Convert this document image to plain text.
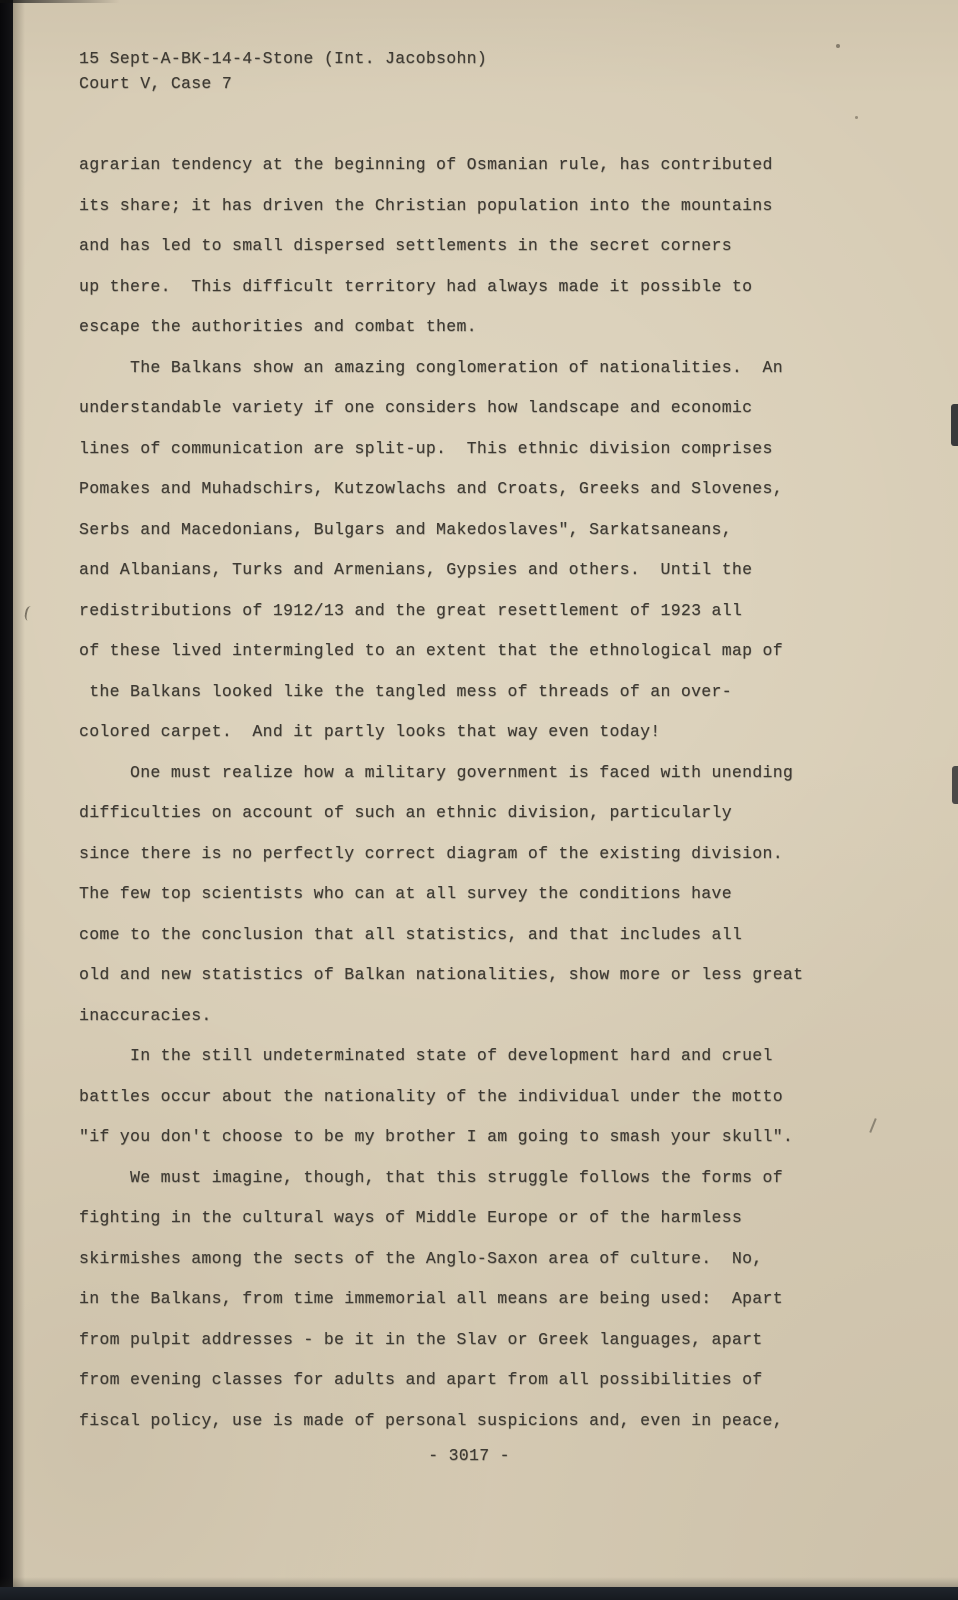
15 Sept-A-BK-14-4-Stone (Int. Jacobsohn)
Court V, Case 7
agrarian tendency at the beginning of Osmanian rule, has contributed
its share; it has driven the Christian population into the mountains
and has led to small dispersed settlements in the secret corners
up there.  This difficult territory had always made it possible to
escape the authorities and combat them.
The Balkans show an amazing conglomeration of nationalities.  An
understandable variety if one considers how landscape and economic
lines of communication are split-up.  This ethnic division comprises
Pomakes and Muhadschirs, Kutzowlachs and Croats, Greeks and Slovenes,
Serbs and Macedonians, Bulgars and Makedoslaves", Sarkatsaneans,
and Albanians, Turks and Armenians, Gypsies and others.  Until the
redistributions of 1912/13 and the great resettlement of 1923 all
of these lived intermingled to an extent that the ethnological map of
the Balkans looked like the tangled mess of threads of an over-
colored carpet.  And it partly looks that way even today!
One must realize how a military government is faced with unending
difficulties on account of such an ethnic division, particularly
since there is no perfectly correct diagram of the existing division.
The few top scientists who can at all survey the conditions have
come to the conclusion that all statistics, and that includes all
old and new statistics of Balkan nationalities, show more or less great
inaccuracies.
In the still undeterminated state of development hard and cruel
battles occur about the nationality of the individual under the motto
"if you don't choose to be my brother I am going to smash your skull".
We must imagine, though, that this struggle follows the forms of
fighting in the cultural ways of Middle Europe or of the harmless
skirmishes among the sects of the Anglo-Saxon area of culture.  No,
in the Balkans, from time immemorial all means are being used:  Apart
from pulpit addresses - be it in the Slav or Greek languages, apart
from evening classes for adults and apart from all possibilities of
fiscal policy, use is made of personal suspicions and, even in peace,
- 3017 -
